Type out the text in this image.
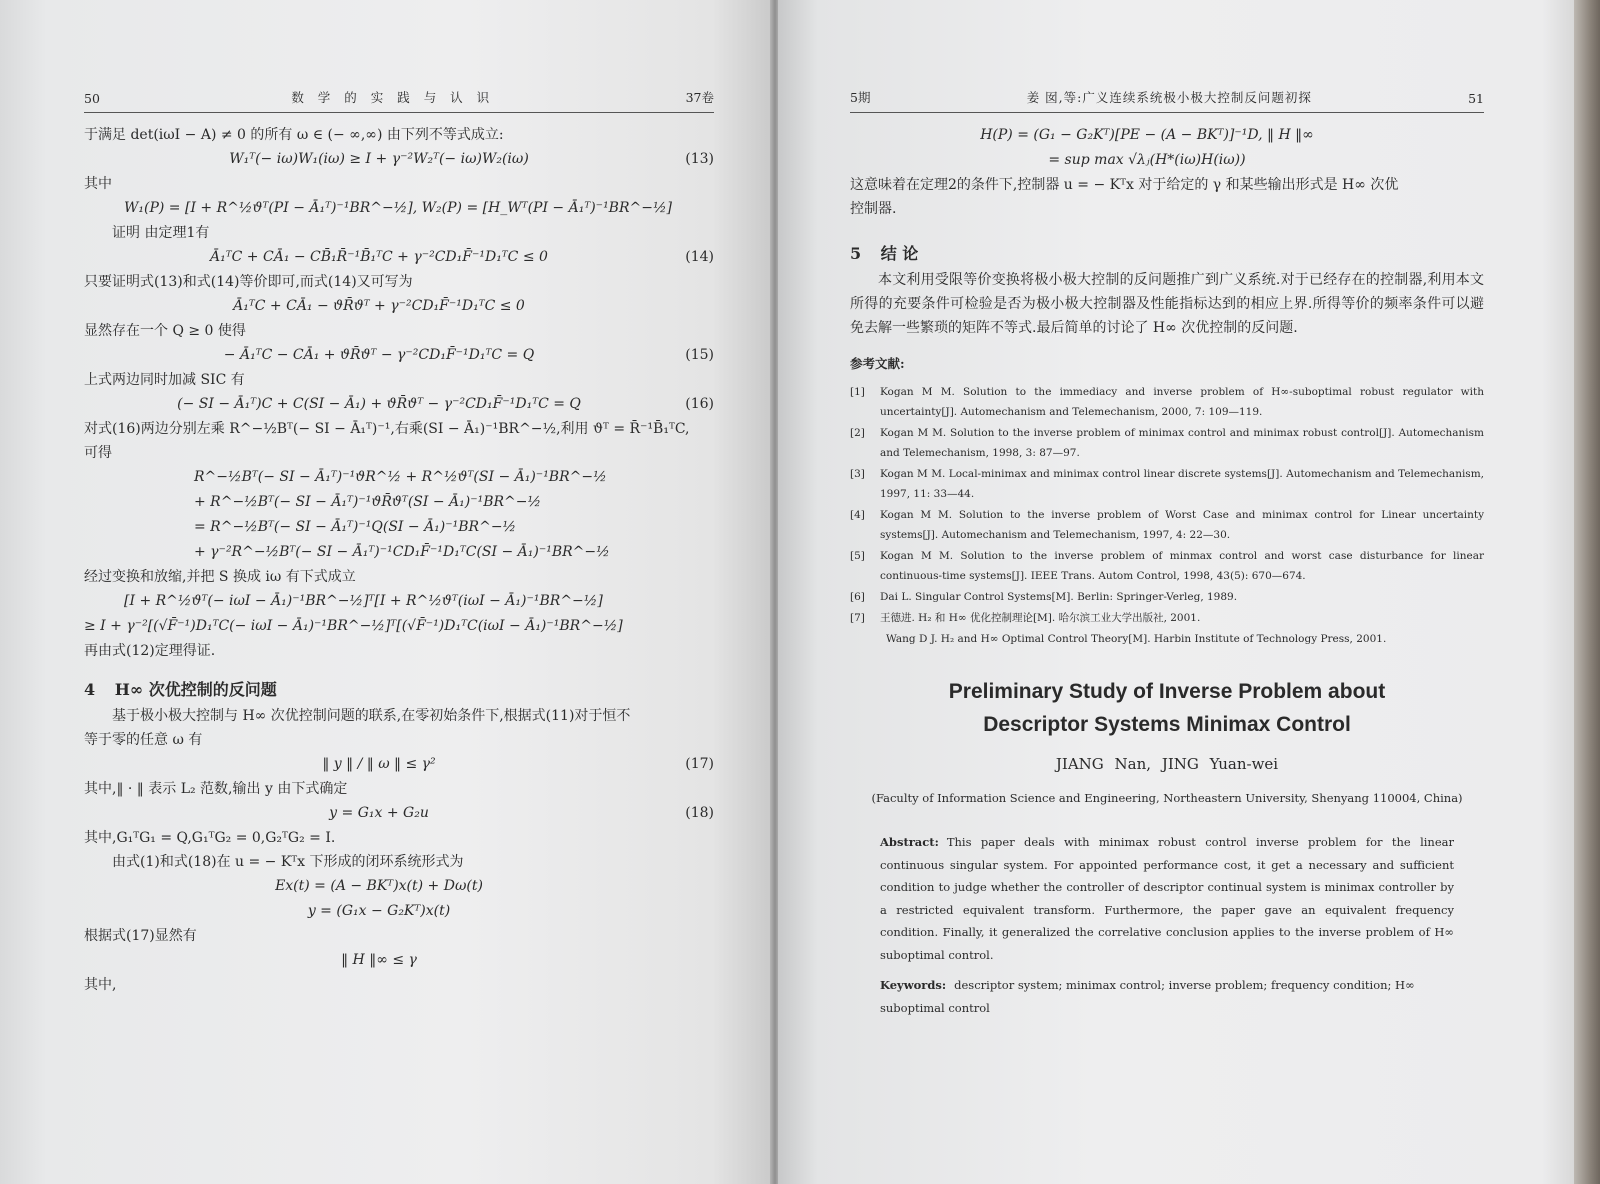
50	数 学 的 实 践 与 认 识	37卷
于满足 det(iωI − A) ≠ 0 的所有 ω ∈ (− ∞,∞) 由下列不等式成立:
W₁ᵀ(− iω)W₁(iω) ≥ I + γ⁻²W₂ᵀ(− iω)W₂(iω)	(13)
其中
W₁(P) = [I + R^½ϑᵀ(PI − Ā₁ᵀ)⁻¹BR^−½], W₂(P) = [H_Wᵀ(PI − Ā₁ᵀ)⁻¹BR^−½]
证明 由定理1有
Ā₁ᵀC + CĀ₁ − CB̄₁R̄⁻¹B̄₁ᵀC + γ⁻²CD₁F̄⁻¹D₁ᵀC ≤ 0	(14)
只要证明式(13)和式(14)等价即可,而式(14)又可写为
Ā₁ᵀC + CĀ₁ − ϑR̄ϑᵀ + γ⁻²CD₁F̄⁻¹D₁ᵀC ≤ 0
显然存在一个 Q ≥ 0 使得
− Ā₁ᵀC − CĀ₁ + ϑR̄ϑᵀ − γ⁻²CD₁F̄⁻¹D₁ᵀC = Q	(15)
上式两边同时加减 SIC 有
(− SI − Ā₁ᵀ)C + C(SI − Ā₁) + ϑR̄ϑᵀ − γ⁻²CD₁F̄⁻¹D₁ᵀC = Q	(16)
对式(16)两边分别左乘 R^−½Bᵀ(− SI − Ā₁ᵀ)⁻¹,右乘(SI − Ā₁)⁻¹BR^−½,利用 ϑᵀ = R̄⁻¹B̄₁ᵀC,
可得
R^−½Bᵀ(− SI − Ā₁ᵀ)⁻¹ϑR^½ + R^½ϑᵀ(SI − Ā₁)⁻¹BR^−½
+ R^−½Bᵀ(− SI − Ā₁ᵀ)⁻¹ϑR̄ϑᵀ(SI − Ā₁)⁻¹BR^−½
= R^−½Bᵀ(− SI − Ā₁ᵀ)⁻¹Q(SI − Ā₁)⁻¹BR^−½
+ γ⁻²R^−½Bᵀ(− SI − Ā₁ᵀ)⁻¹CD₁F̄⁻¹D₁ᵀC(SI − Ā₁)⁻¹BR^−½
经过变换和放缩,并把 S 换成 iω 有下式成立
[I + R^½ϑᵀ(− iωI − Ā₁)⁻¹BR^−½]ᵀ[I + R^½ϑᵀ(iωI − Ā₁)⁻¹BR^−½]
≥ I + γ⁻²[(√F̄⁻¹)D₁ᵀC(− iωI − Ā₁)⁻¹BR^−½]ᵀ[(√F̄⁻¹)D₁ᵀC(iωI − Ā₁)⁻¹BR^−½]
再由式(12)定理得证.
4 H∞ 次优控制的反问题
基于极小极大控制与 H∞ 次优控制问题的联系,在零初始条件下,根据式(11)对于恒不
等于零的任意 ω 有
‖ y ‖ / ‖ ω ‖ ≤ γ²	(17)
其中,‖ · ‖ 表示 L₂ 范数,输出 y 由下式确定
y = G₁x + G₂u	(18)
其中,G₁ᵀG₁ = Q,G₁ᵀG₂ = 0,G₂ᵀG₂ = I.
由式(1)和式(18)在 u = − Kᵀx 下形成的闭环系统形式为
Ex(t) = (A − BKᵀ)x(t) + Dω(t)
y = (G₁x − G₂Kᵀ)x(t)
根据式(17)显然有
‖ H ‖∞ ≤ γ
其中,
5期	姜 囡,等:广义连续系统极小极大控制反问题初探	51
H(P) = (G₁ − G₂Kᵀ)[PE − (A − BKᵀ)]⁻¹D, ‖ H ‖∞
= sup max √λⱼ(H*(iω)H(iω))
这意味着在定理2的条件下,控制器 u = − Kᵀx 对于给定的 γ 和某些输出形式是 H∞ 次优
控制器.
5 结 论
本文利用受限等价变换将极小极大控制的反问题推广到广义系统.对于已经存在的控制器,利用本文所得的充要条件可检验是否为极小极大控制器及性能指标达到的相应上界.所得等价的频率条件可以避免去解一些繁琐的矩阵不等式.最后简单的讨论了 H∞ 次优控制的反问题.
参考文献:
[1]	Kogan M M. Solution to the immediacy and inverse problem of H∞-suboptimal robust regulator with uncertainty[J]. Automechanism and Telemechanism, 2000, 7: 109—119.
[2]	Kogan M M. Solution to the inverse problem of minimax control and minimax robust control[J]. Automechanism and Telemechanism, 1998, 3: 87—97.
[3]	Kogan M M. Local-minimax and minimax control linear discrete systems[J]. Automechanism and Telemechanism, 1997, 11: 33—44.
[4]	Kogan M M. Solution to the inverse problem of Worst Case and minimax control for Linear uncertainty systems[J]. Automechanism and Telemechanism, 1997, 4: 22—30.
[5]	Kogan M M. Solution to the inverse problem of minmax control and worst case disturbance for linear continuous-time systems[J]. IEEE Trans. Autom Control, 1998, 43(5): 670—674.
[6]	Dai L. Singular Control Systems[M]. Berlin: Springer-Verleg, 1989.
[7]	王德进. H₂ 和 H∞ 优化控制理论[M]. 哈尔滨工业大学出版社, 2001.
Wang D J. H₂ and H∞ Optimal Control Theory[M]. Harbin Institute of Technology Press, 2001.
Preliminary Study of Inverse Problem about
Descriptor Systems Minimax Control
JIANG Nan, JING Yuan-wei
(Faculty of Information Science and Engineering, Northeastern University, Shenyang 110004, China)
Abstract: This paper deals with minimax robust control inverse problem for the linear continuous singular system. For appointed performance cost, it get a necessary and sufficient condition to judge whether the controller of descriptor continual system is minimax controller by a restricted equivalent transform. Furthermore, the paper gave an equivalent frequency condition. Finally, it generalized the correlative conclusion applies to the inverse problem of H∞ suboptimal control.
Keywords: descriptor system; minimax control; inverse problem; frequency condition; H∞ suboptimal control
